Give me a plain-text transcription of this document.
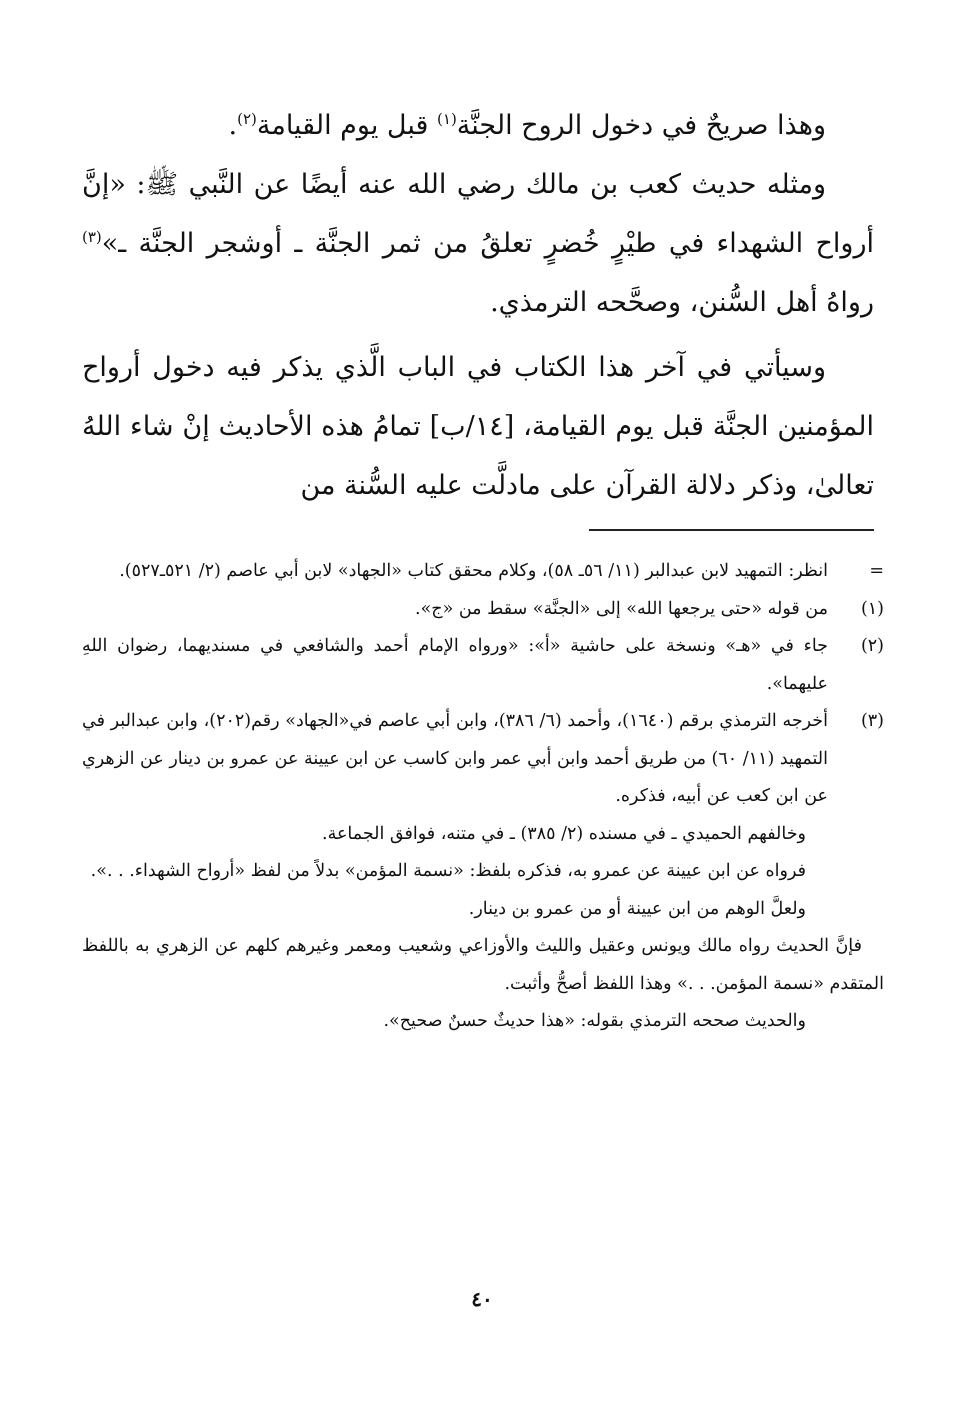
وهذا صريحٌ في دخول الروح الجنَّة$^{(١)}$ قبل يوم القيامة$^{(٢)}$.

ومثله حديث كعب بن مالك رضي الله عنه أيضًا عن النَّبي ﷺ: «إنَّ أرواح الشهداء في طيْرٍ خُضرٍ تعلقُ من ثمر الجنَّة ـ أوشجر الجنَّة ـ»$^{(٣)}$ رواهُ أهل السُّنن، وصحَّحه الترمذي.

وسيأتي في آخر هذا الكتاب في الباب الَّذي يذكر فيه دخول أرواح المؤمنين الجنَّة قبل يوم القيامة، [١٤/ب] تمامُ هذه الأحاديث إنْ شاء اللهُ تعالىٰ، وذكر دلالة القرآن على مادلَّت عليه السُّنة من

=

انظر: التمهيد لابن عبدالبر (١١/ ٥٦ـ ٥٨)، وكلام محقق كتاب «الجهاد» لابن أبي عاصم (٢/ ٥٢١ـ٥٢٧).

(١)

من قوله «حتى يرجعها الله» إلى «الجنَّة» سقط من «ج».

(٢)

جاء في «هـ» ونسخة على حاشية «أ»: «ورواه الإمام أحمد والشافعي في مسنديهما، رضوان اللهِ عليهما».

(٣)

أخرجه الترمذي برقم (١٦٤٠)، وأحمد (٦/ ٣٨٦)، وابن أبي عاصم في«الجهاد» رقم(٢٠٢)، وابن عبدالبر في التمهيد (١١/ ٦٠) من طريق أحمد وابن أبي عمر وابن كاسب عن ابن عيينة عن عمرو بن دينار عن الزهري عن ابن كعب عن أبيه، فذكره.

وخالفهم الحميدي ـ في مسنده (٢/ ٣٨٥) ـ في متنه، فوافق الجماعة.

فرواه عن ابن عيينة عن عمرو به، فذكره بلفظ: «نسمة المؤمن» بدلاً من لفظ «أرواح الشهداء. . .».

ولعلَّ الوهم من ابن عيينة أو من عمرو بن دينار.

فإنَّ الحديث رواه مالك ويونس وعقيل والليث والأوزاعي وشعيب ومعمر وغيرهم كلهم عن الزهري به باللفظ المتقدم «نسمة المؤمن. . .» وهذا اللفظ أصحُّ وأثبت.

والحديث صححه الترمذي بقوله: «هذا حديثٌ حسنٌ صحيح».

٤٠
